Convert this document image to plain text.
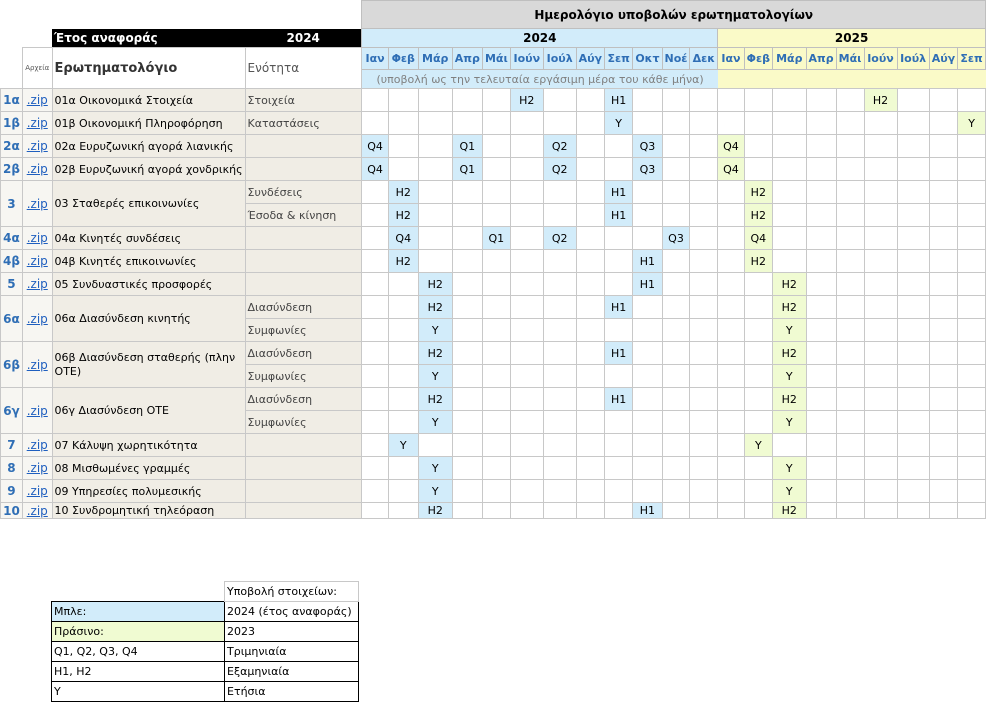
				Ημερολόγιο υποβολών ερωτηματολογίων																				
		Έτος αναφοράς	2024	2024												2025								
	Αρχεία	Ερωτηματολόγιο	Ενότητα	Ιαν	Φεβ	Μάρ	Απρ	Μάι	Ιούν	Ιούλ	Αύγ	Σεπ	Οκτ	Νοέ	Δεκ	Ιαν	Φεβ	Μάρ	Απρ	Μάι	Ιούν	Ιούλ	Αύγ	Σεπ
				(υποβολή ως την τελευταία εργάσιμη μέρα του κάθε μήνα)																				
1α	.zip	01α Οικονομικά Στοιχεία	Στοιχεία						H2			H1									H2			
1β	.zip	01β Οικονομική Πληροφόρηση	Καταστάσεις									Y												Y
2α	.zip	02α Ευρυζωνική αγορά λιανικής		Q4			Q1			Q2			Q3			Q4								
2β	.zip	02β Ευρυζωνική αγορά χονδρικής		Q4			Q1			Q2			Q3			Q4								
3	.zip	03 Σταθερές επικοινωνίες	Συνδέσεις		H2							H1					H2							
			Έσοδα & κίνηση		H2							H1					H2							
4α	.zip	04α Κινητές συνδέσεις			Q4			Q1		Q2				Q3			Q4							
4β	.zip	04β Κινητές επικοινωνίες			H2								H1				H2							
5	.zip	05 Συνδυαστικές προσφορές				H2							H1					H2						
6α	.zip	06α Διασύνδεση κινητής	Διασύνδεση			H2						H1						H2						
			Συμφωνίες			Y												Y						
6β	.zip	06β Διασύνδεση σταθερής (πλην ΟΤΕ)	Διασύνδεση			H2						H1						H2						
			Συμφωνίες			Y												Y						
6γ	.zip	06γ Διασύνδεση ΟΤΕ	Διασύνδεση			H2						H1						H2						
			Συμφωνίες			Y												Y						
7	.zip	07 Κάλυψη χωρητικότητα			Y												Y							
8	.zip	08 Μισθωμένες γραμμές				Y												Y						
9	.zip	09 Υπηρεσίες πολυμεσικής				Y												Y						
10	.zip	10 Συνδρομητική τηλεόραση				H2							H1					H2						
	Υποβολή στοιχείων:
Μπλε:	2024 (έτος αναφοράς)
Πράσινο:	2023
Q1, Q2, Q3, Q4	Τριμηνιαία
H1, H2	Εξαμηνιαία
Y	Ετήσια
